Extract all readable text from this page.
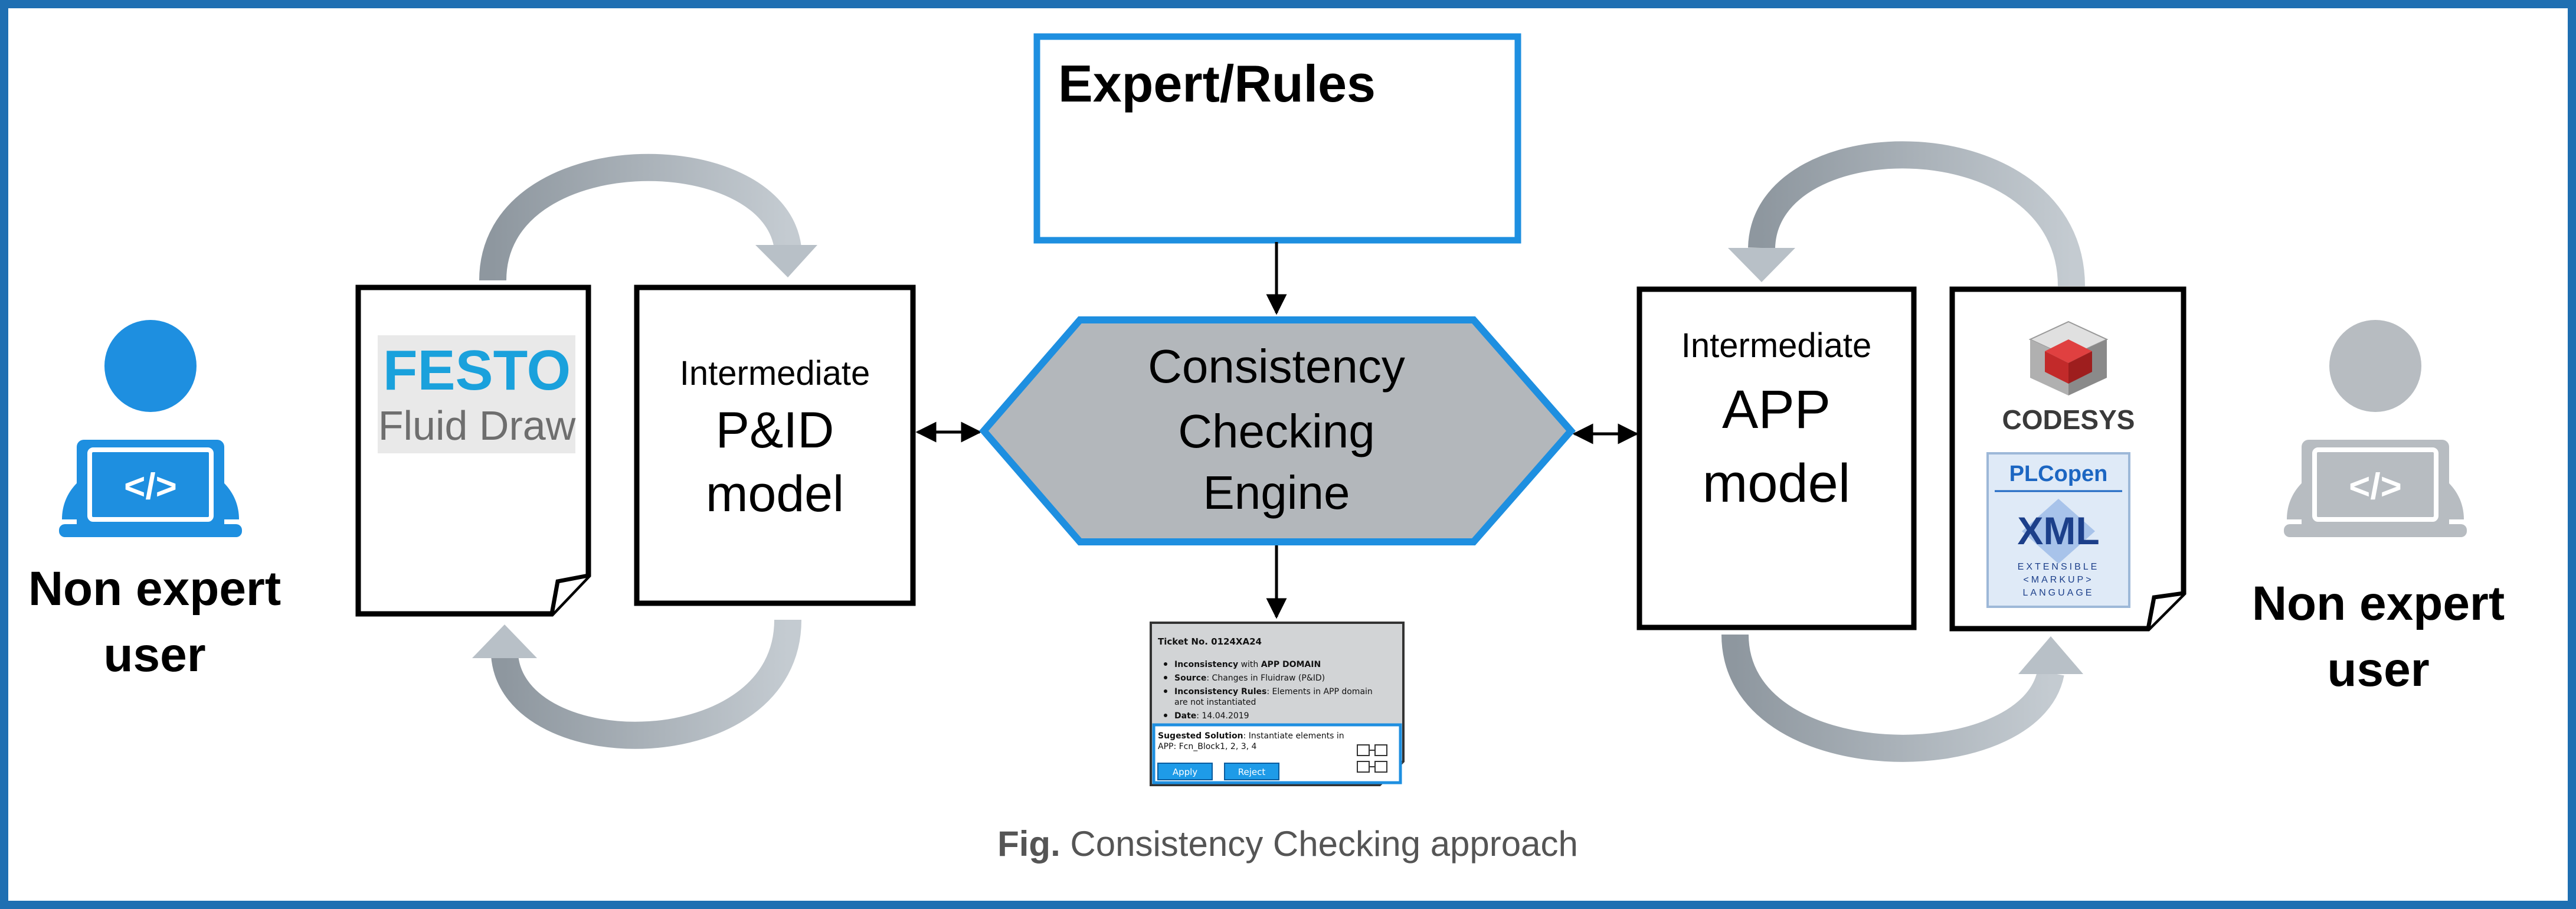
</>
Non expert
user
</>
Non expert
user
FESTO
Fluid Draw
Intermediate
P&ID
model
Expert/Rules
Consistency
Checking
Engine
Intermediate
APP
model
CODESYS
PLCopen
XML
EXTENSIBLE
<MARKUP>
LANGUAGE
Ticket No. 0124XA24
Inconsistency with APP DOMAIN
Source: Changes in Fluidraw (P&ID)
Inconsistency Rules: Elements in APP domain
are not instantiated
Date: 14.04.2019
Sugested Solution: Instantiate elements in
APP: Fcn_Block1, 2, 3, 4
Apply	Reject
Fig. Consistency Checking approach
